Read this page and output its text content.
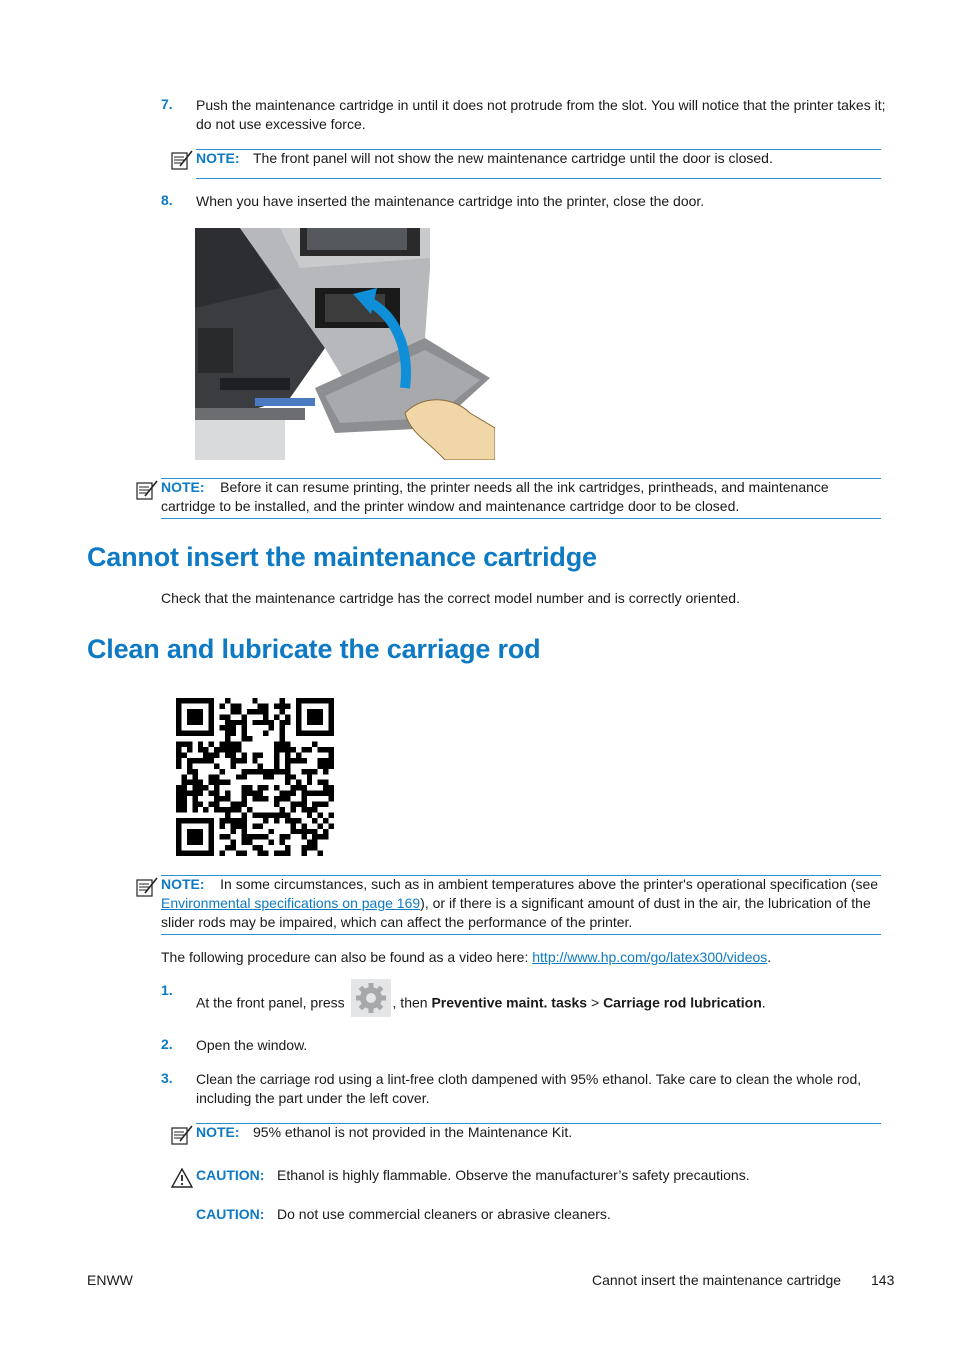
7. Push the maintenance cartridge in until it does not protrude from the slot. You will notice that the printer takes it; do not use excessive force.
NOTE: The front panel will not show the new maintenance cartridge until the door is closed.
8. When you have inserted the maintenance cartridge into the printer, close the door.
NOTE: Before it can resume printing, the printer needs all the ink cartridges, printheads, and maintenance cartridge to be installed, and the printer window and maintenance cartridge door to be closed.
Cannot insert the maintenance cartridge
Check that the maintenance cartridge has the correct model number and is correctly oriented.
Clean and lubricate the carriage rod
NOTE: In some circumstances, such as in ambient temperatures above the printer's operational specification (see Environmental specifications on page 169), or if there is a significant amount of dust in the air, the lubrication of the slider rods may be impaired, which can affect the performance of the printer.
The following procedure can also be found as a video here: http://www.hp.com/go/latex300/videos.
1.
At the front panel, press	, then Preventive maint. tasks > Carriage rod lubrication.
2. Open the window.
3. Clean the carriage rod using a lint-free cloth dampened with 95% ethanol. Take care to clean the whole rod, including the part under the left cover.
NOTE: 95% ethanol is not provided in the Maintenance Kit.
CAUTION: Ethanol is highly flammable. Observe the manufacturer’s safety precautions.
CAUTION: Do not use commercial cleaners or abrasive cleaners.
ENWW	Cannot insert the maintenance cartridge 143
